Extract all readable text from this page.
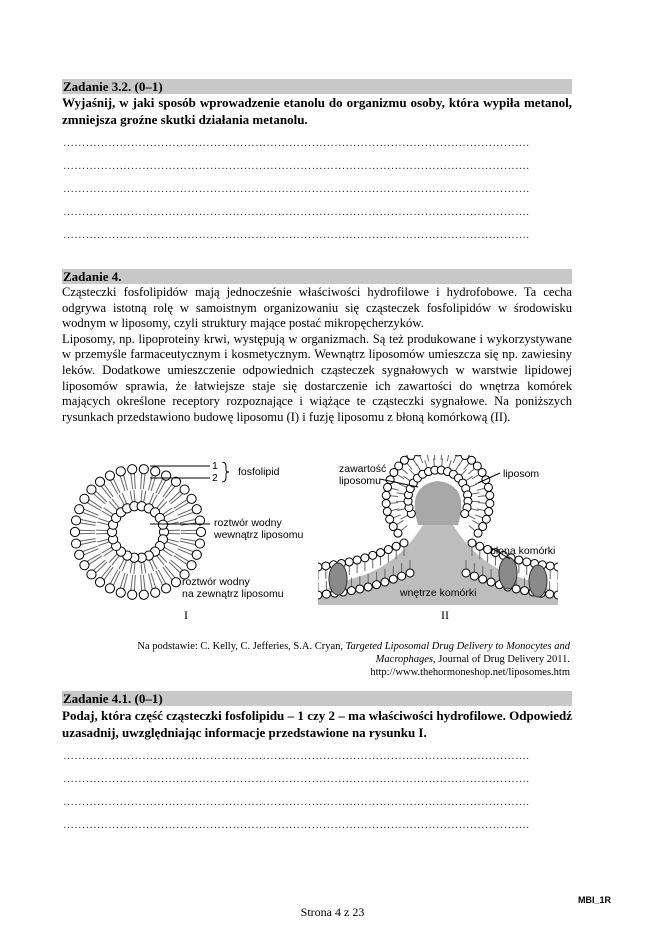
Zadanie 3.2. (0–1)
Wyjaśnij, w jaki sposób wprowadzenie etanolu do organizmu osoby, która wypiła metanol, zmniejsza groźne skutki działania metanolu.
…………………………………………………………………………………………………………….
…………………………………………………………………………………………………………….
…………………………………………………………………………………………………………….
…………………………………………………………………………………………………………….
…………………………………………………………………………………………………………….
Zadanie 4.

Cząsteczki fosfolipidów mają jednocześnie właściwości hydrofilowe i hydrofobowe. Ta cecha odgrywa istotną rolę w samoistnym organizowaniu się cząsteczek fosfolipidów w środowisku wodnym w liposomy, czyli struktury mające postać mikropęcherzyków.

Liposomy, np. lipoproteiny krwi, występują w organizmach. Są też produkowane i wykorzystywane w przemyśle farmaceutycznym i kosmetycznym. Wewnątrz liposomów umieszcza się np. zawiesiny leków. Dodatkowe umieszczenie odpowiednich cząsteczek sygnałowych w warstwie lipidowej liposomów sprawia, że łatwiejsze staje się dostarczenie ich zawartości do wnętrza komórek mających określone receptory rozpoznające i wiążące te cząsteczki sygnałowe. Na poniższych rysunkach przedstawiono budowę liposomu (I) i fuzję liposomu z błoną komórkową (II).

1
2 fosfolipid
roztwór wodny
wewnątrz liposomu
roztwór wodny
na zewnątrz liposomu
I
zawartość
liposomu
liposom
błona komórki
wnętrze komórki
II
Na podstawie: C. Kelly, C. Jefferies, S.A. Cryan, Targeted Liposomal Drug Delivery to Monocytes and Macrophages, Journal of Drug Delivery 2011.
http://www.thehormoneshop.net/liposomes.htm
Zadanie 4.1. (0–1)
Podaj, która część cząsteczki fosfolipidu – 1 czy 2 – ma właściwości hydrofilowe. Odpowiedź uzasadnij, uwzględniając informacje przedstawione na rysunku I.
…………………………………………………………………………………………………………….
…………………………………………………………………………………………………………….
…………………………………………………………………………………………………………….
…………………………………………………………………………………………………………….
MBI_1R
Strona 4 z 23
